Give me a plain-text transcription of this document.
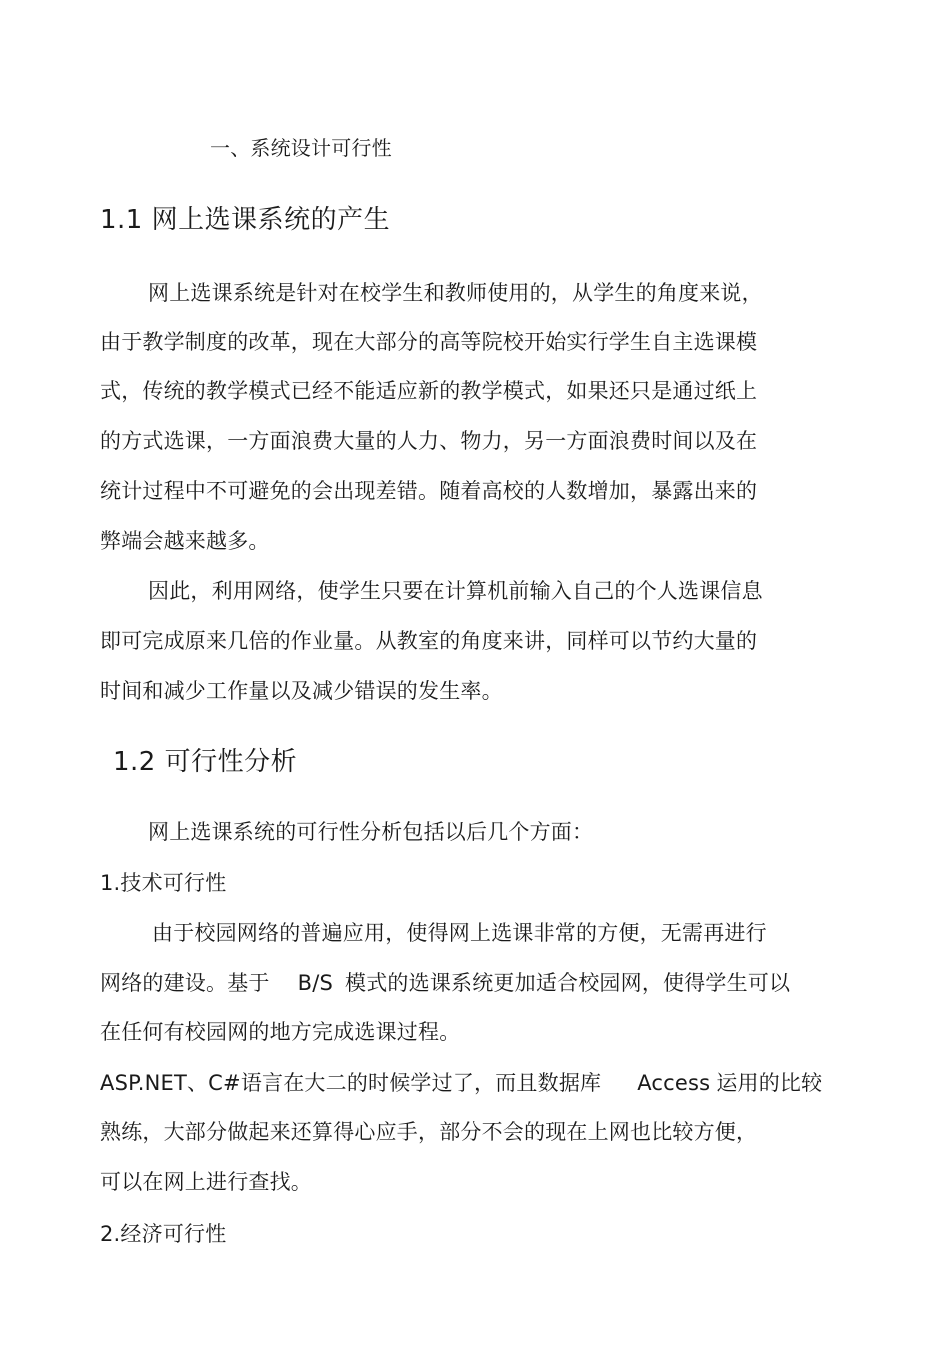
一、系统设计可行性
1.1 网上选课系统的产生
网上选课系统是针对在校学生和教师使用的，从学生的角度来说，
由于教学制度的改革，现在大部分的高等院校开始实行学生自主选课模
式，传统的教学模式已经不能适应新的教学模式，如果还只是通过纸上
的方式选课，一方面浪费大量的人力、物力，另一方面浪费时间以及在
统计过程中不可避免的会出现差错。随着高校的人数增加，暴露出来的
弊端会越来越多。
因此，利用网络，使学生只要在计算机前输入自己的个人选课信息
即可完成原来几倍的作业量。从教室的角度来讲，同样可以节约大量的
时间和减少工作量以及减少错误的发生率。
1.2 可行性分析
网上选课系统的可行性分析包括以后几个方面：
1.技术可行性
由于校园网络的普遍应用，使得网上选课非常的方便，无需再进行
网络的建设。基于 B/S 模式的选课系统更加适合校园网，使得学生可以
在任何有校园网的地方完成选课过程。
ASP.NET、C#语言在大二的时候学过了，而且数据库 Access 运用的比较
熟练，大部分做起来还算得心应手，部分不会的现在上网也比较方便，
可以在网上进行查找。
2.经济可行性
